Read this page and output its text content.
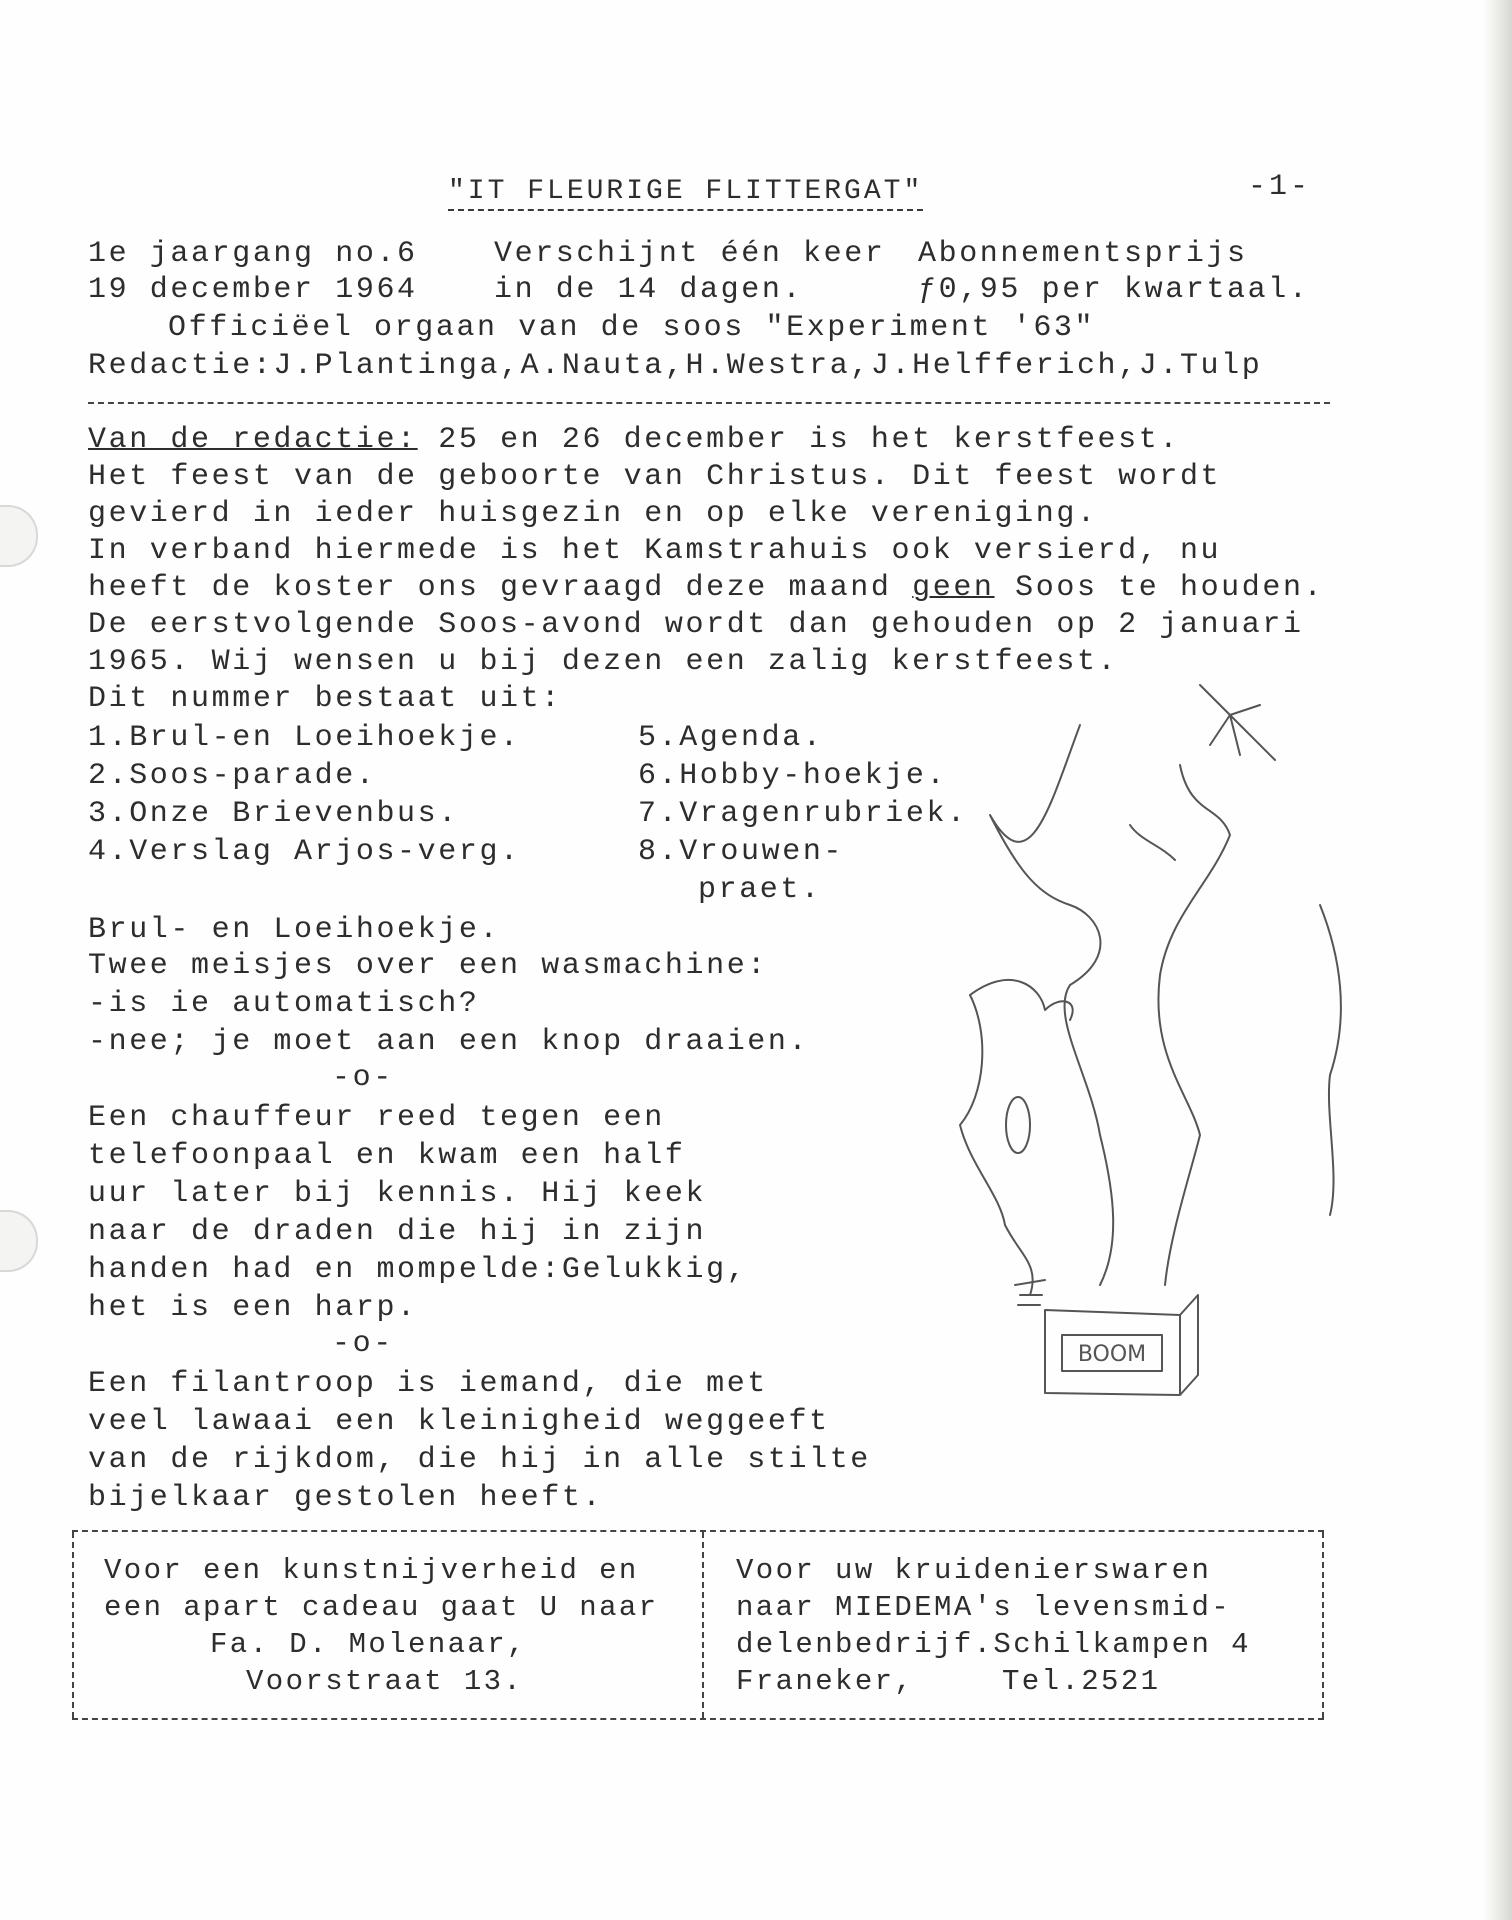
"IT FLEURIGE FLITTERGAT"	-1-
1e jaargang no.6
19 december 1964
Verschijnt één keer
in de 14 dagen.
Abonnementsprijs
ƒ0,95 per kwartaal.
Officiëel orgaan van de soos "Experiment '63"
Redactie:J.Plantinga,A.Nauta,H.Westra,J.Helfferich,J.Tulp
Van de redactie: 25 en 26 december is het kerstfeest.
Het feest van de geboorte van Christus. Dit feest wordt
gevierd in ieder huisgezin en op elke vereniging.
In verband hiermede is het Kamstrahuis ook versierd, nu
heeft de koster ons gevraagd deze maand geen Soos te houden.
De eerstvolgende Soos-avond wordt dan gehouden op 2 januari
1965. Wij wensen u bij dezen een zalig kerstfeest.
Dit nummer bestaat uit:
1.Brul-en Loeihoekje.
2.Soos-parade.
3.Onze Brievenbus.
4.Verslag Arjos-verg.
5.Agenda.
6.Hobby-hoekje.
7.Vragenrubriek.
8.Vrouwen-
praet.
Brul- en Loeihoekje.
Twee meisjes over een wasmachine:
-is ie automatisch?
-nee; je moet aan een knop draaien.
-o-
Een chauffeur reed tegen een
telefoonpaal en kwam een half
uur later bij kennis. Hij keek
naar de draden die hij in zijn
handen had en mompelde:Gelukkig,
het is een harp.
-o-
Een filantroop is iemand, die met
veel lawaai een kleinigheid weggeeft
van de rijkdom, die hij in alle stilte
bijelkaar gestolen heeft.
BOOM
Voor een kunstnijverheid en
een apart cadeau gaat U naar
Fa. D. Molenaar,
Voorstraat 13.
Voor uw kruidenierswaren
naar MIEDEMA's levensmid-
delenbedrijf.Schilkampen 4
Franeker,	Tel.2521
